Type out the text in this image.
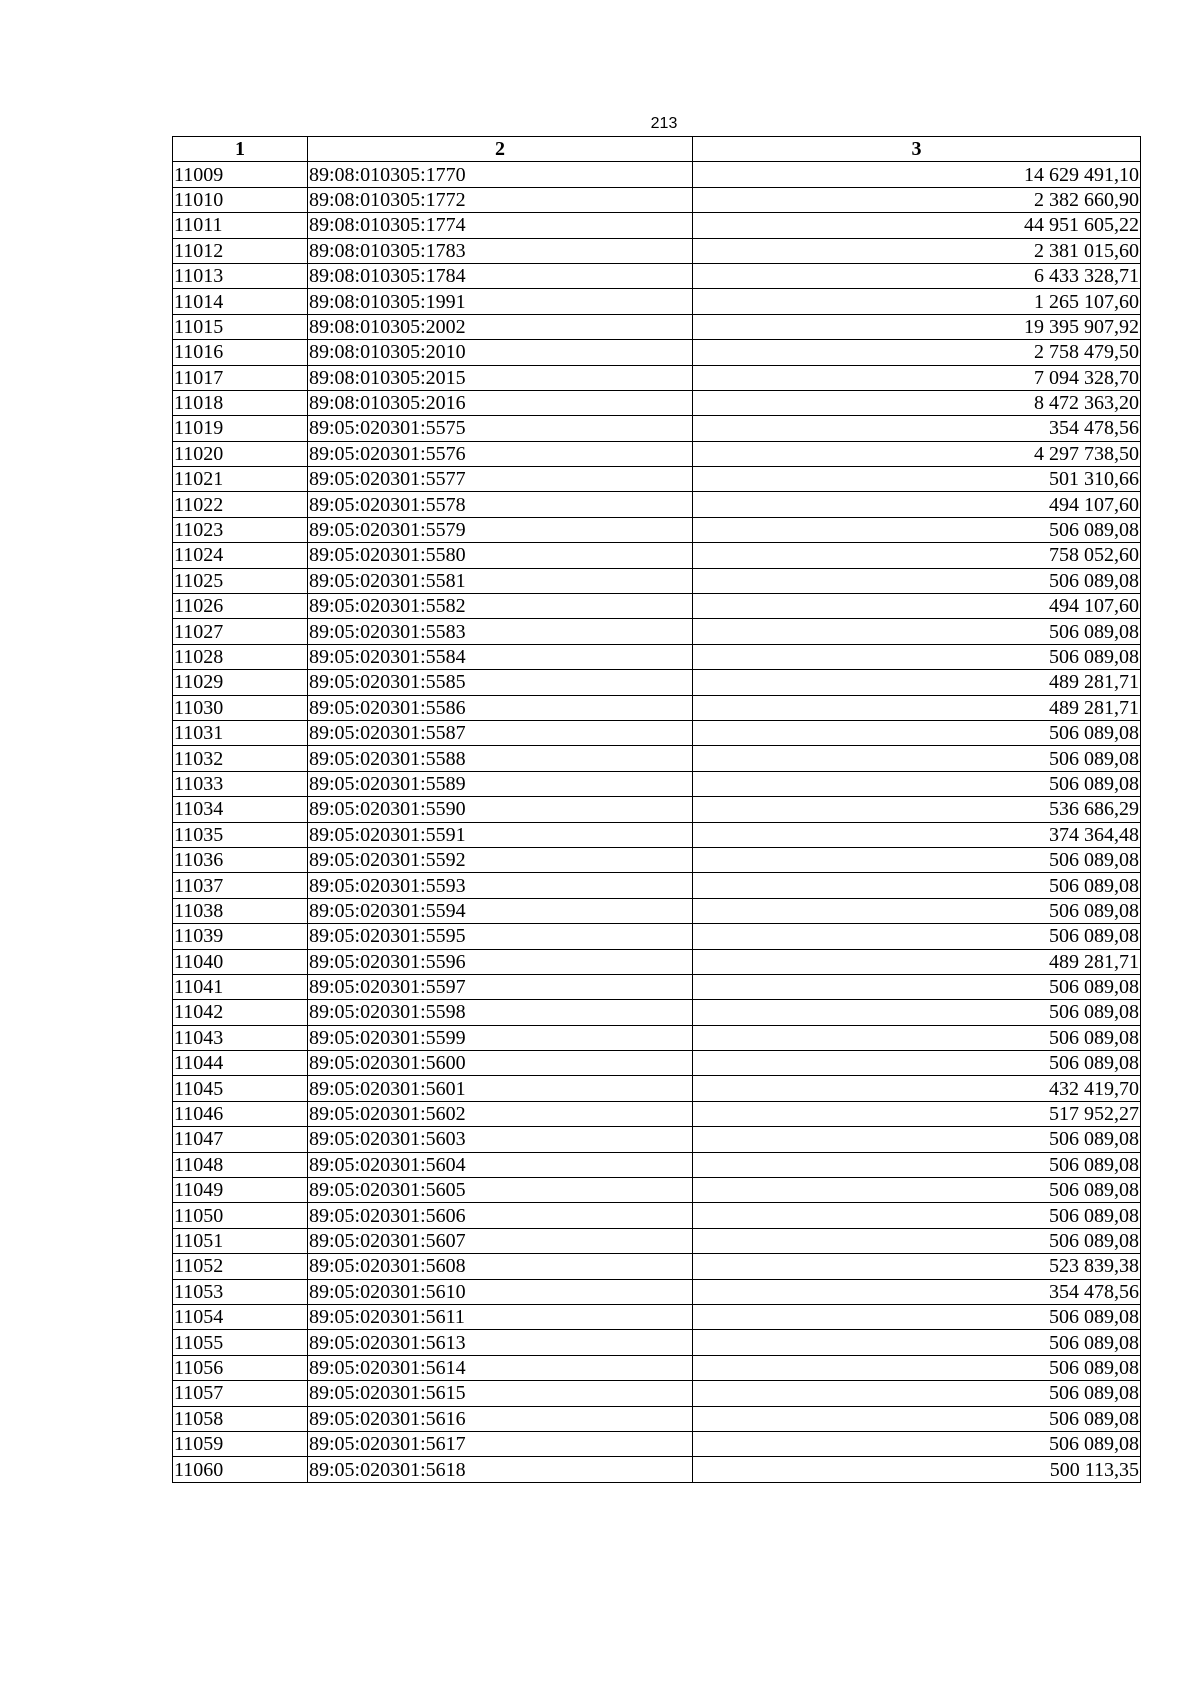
213
1	2	3
11009	89:08:010305:1770	14 629 491,10
11010	89:08:010305:1772	2 382 660,90
11011	89:08:010305:1774	44 951 605,22
11012	89:08:010305:1783	2 381 015,60
11013	89:08:010305:1784	6 433 328,71
11014	89:08:010305:1991	1 265 107,60
11015	89:08:010305:2002	19 395 907,92
11016	89:08:010305:2010	2 758 479,50
11017	89:08:010305:2015	7 094 328,70
11018	89:08:010305:2016	8 472 363,20
11019	89:05:020301:5575	354 478,56
11020	89:05:020301:5576	4 297 738,50
11021	89:05:020301:5577	501 310,66
11022	89:05:020301:5578	494 107,60
11023	89:05:020301:5579	506 089,08
11024	89:05:020301:5580	758 052,60
11025	89:05:020301:5581	506 089,08
11026	89:05:020301:5582	494 107,60
11027	89:05:020301:5583	506 089,08
11028	89:05:020301:5584	506 089,08
11029	89:05:020301:5585	489 281,71
11030	89:05:020301:5586	489 281,71
11031	89:05:020301:5587	506 089,08
11032	89:05:020301:5588	506 089,08
11033	89:05:020301:5589	506 089,08
11034	89:05:020301:5590	536 686,29
11035	89:05:020301:5591	374 364,48
11036	89:05:020301:5592	506 089,08
11037	89:05:020301:5593	506 089,08
11038	89:05:020301:5594	506 089,08
11039	89:05:020301:5595	506 089,08
11040	89:05:020301:5596	489 281,71
11041	89:05:020301:5597	506 089,08
11042	89:05:020301:5598	506 089,08
11043	89:05:020301:5599	506 089,08
11044	89:05:020301:5600	506 089,08
11045	89:05:020301:5601	432 419,70
11046	89:05:020301:5602	517 952,27
11047	89:05:020301:5603	506 089,08
11048	89:05:020301:5604	506 089,08
11049	89:05:020301:5605	506 089,08
11050	89:05:020301:5606	506 089,08
11051	89:05:020301:5607	506 089,08
11052	89:05:020301:5608	523 839,38
11053	89:05:020301:5610	354 478,56
11054	89:05:020301:5611	506 089,08
11055	89:05:020301:5613	506 089,08
11056	89:05:020301:5614	506 089,08
11057	89:05:020301:5615	506 089,08
11058	89:05:020301:5616	506 089,08
11059	89:05:020301:5617	506 089,08
11060	89:05:020301:5618	500 113,35
